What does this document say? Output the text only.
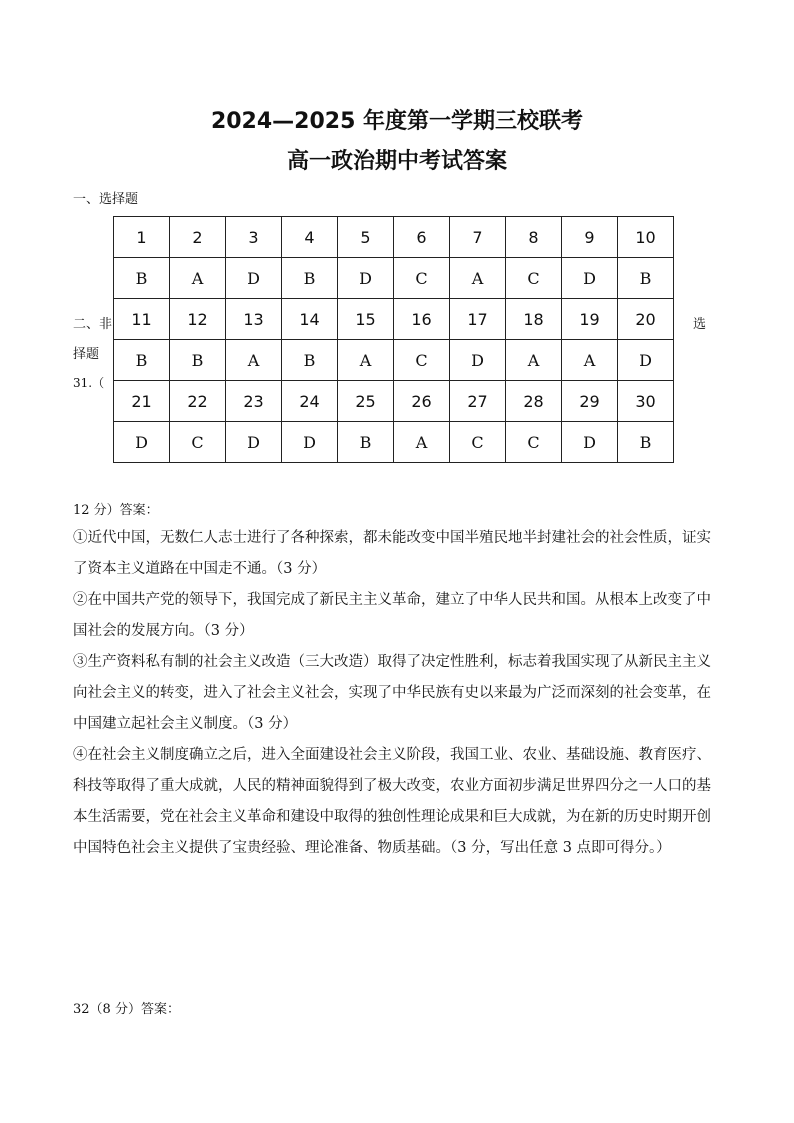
2024—2025 年度第一学期三校联考
高一政治期中考试答案
一、选择题
二、非	选
择题
31.（
1	2	3	4	5	6	7	8	9	10
B	A	D	B	D	C	A	C	D	B
11	12	13	14	15	16	17	18	19	20
B	B	A	B	A	C	D	A	A	D
21	22	23	24	25	26	27	28	29	30
D	C	D	D	B	A	C	C	D	B
12 分）答案：

①近代中国，无数仁人志士进行了各种探索，都未能改变中国半殖民地半封建社会的社会性质，证实了资本主义道路在中国走不通。（3 分）

②在中国共产党的领导下，我国完成了新民主主义革命，建立了中华人民共和国。从根本上改变了中国社会的发展方向。（3 分）

③生产资料私有制的社会主义改造（三大改造）取得了决定性胜利，标志着我国实现了从新民主主义向社会主义的转变，进入了社会主义社会，实现了中华民族有史以来最为广泛而深刻的社会变革，在中国建立起社会主义制度。（3 分）

④在社会主义制度确立之后，进入全面建设社会主义阶段，我国工业、农业、基础设施、教育医疗、科技等取得了重大成就，人民的精神面貌得到了极大改变，农业方面初步满足世界四分之一人口的基本生活需要，党在社会主义革命和建设中取得的独创性理论成果和巨大成就，为在新的历史时期开创中国特色社会主义提供了宝贵经验、理论准备、物质基础。（3 分，写出任意 3 点即可得分。）

32（8 分）答案：
